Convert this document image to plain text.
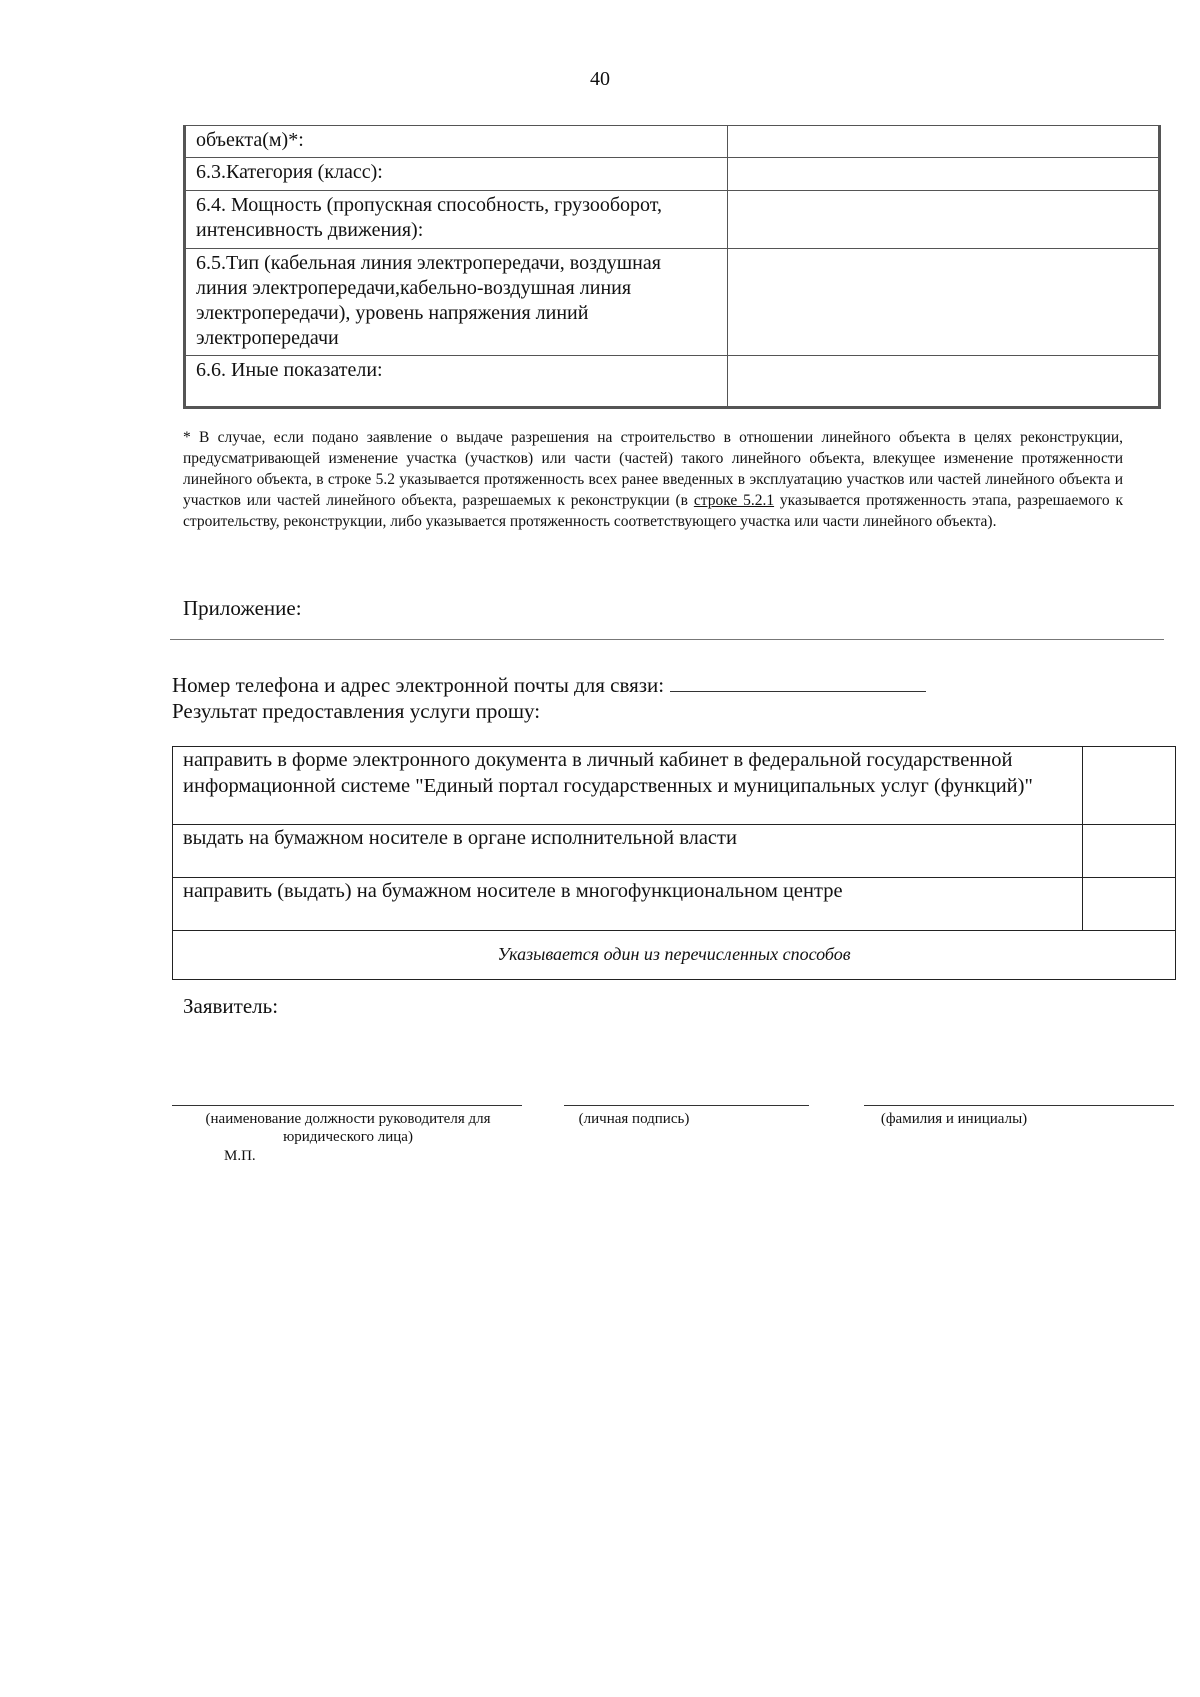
40
объекта(м)*:	
6.3.Категория (класс):	
6.4. Мощность (пропускная способность, грузооборот, интенсивность движения):	
6.5.Тип (кабельная линия электропередачи, воздушная линия электропередачи,кабельно-воздушная линия электропередачи), уровень напряжения линий электропередачи	
6.6. Иные показатели:	
* В случае, если подано заявление о выдаче разрешения на строительство в отношении линейного объекта в целях реконструкции, предусматривающей изменение участка (участков) или части (частей) такого линейного объекта, влекущее изменение протяженности линейного объекта, в строке 5.2 указывается протяженность всех ранее введенных в эксплуатацию участков или частей линейного объекта и участков или частей линейного объекта, разрешаемых к реконструкции (в строке 5.2.1 указывается протяженность этапа, разрешаемого к строительству, реконструкции, либо указывается протяженность соответствующего участка или части линейного объекта).
Приложение:
Номер телефона и адрес электронной почты для связи:
Результат предоставления услуги прошу:
направить в форме электронного документа в личный кабинет в федеральной государственной информационной системе "Единый портал государственных и муниципальных услуг (функций)"	
выдать на бумажном носителе в органе исполнительной власти	
направить (выдать) на бумажном носителе в многофункциональном центре	
Указывается один из перечисленных способов	
Заявитель:
(наименование должности руководителя для юридического лица)
(личная подпись)	(фамилия и инициалы)
М.П.
